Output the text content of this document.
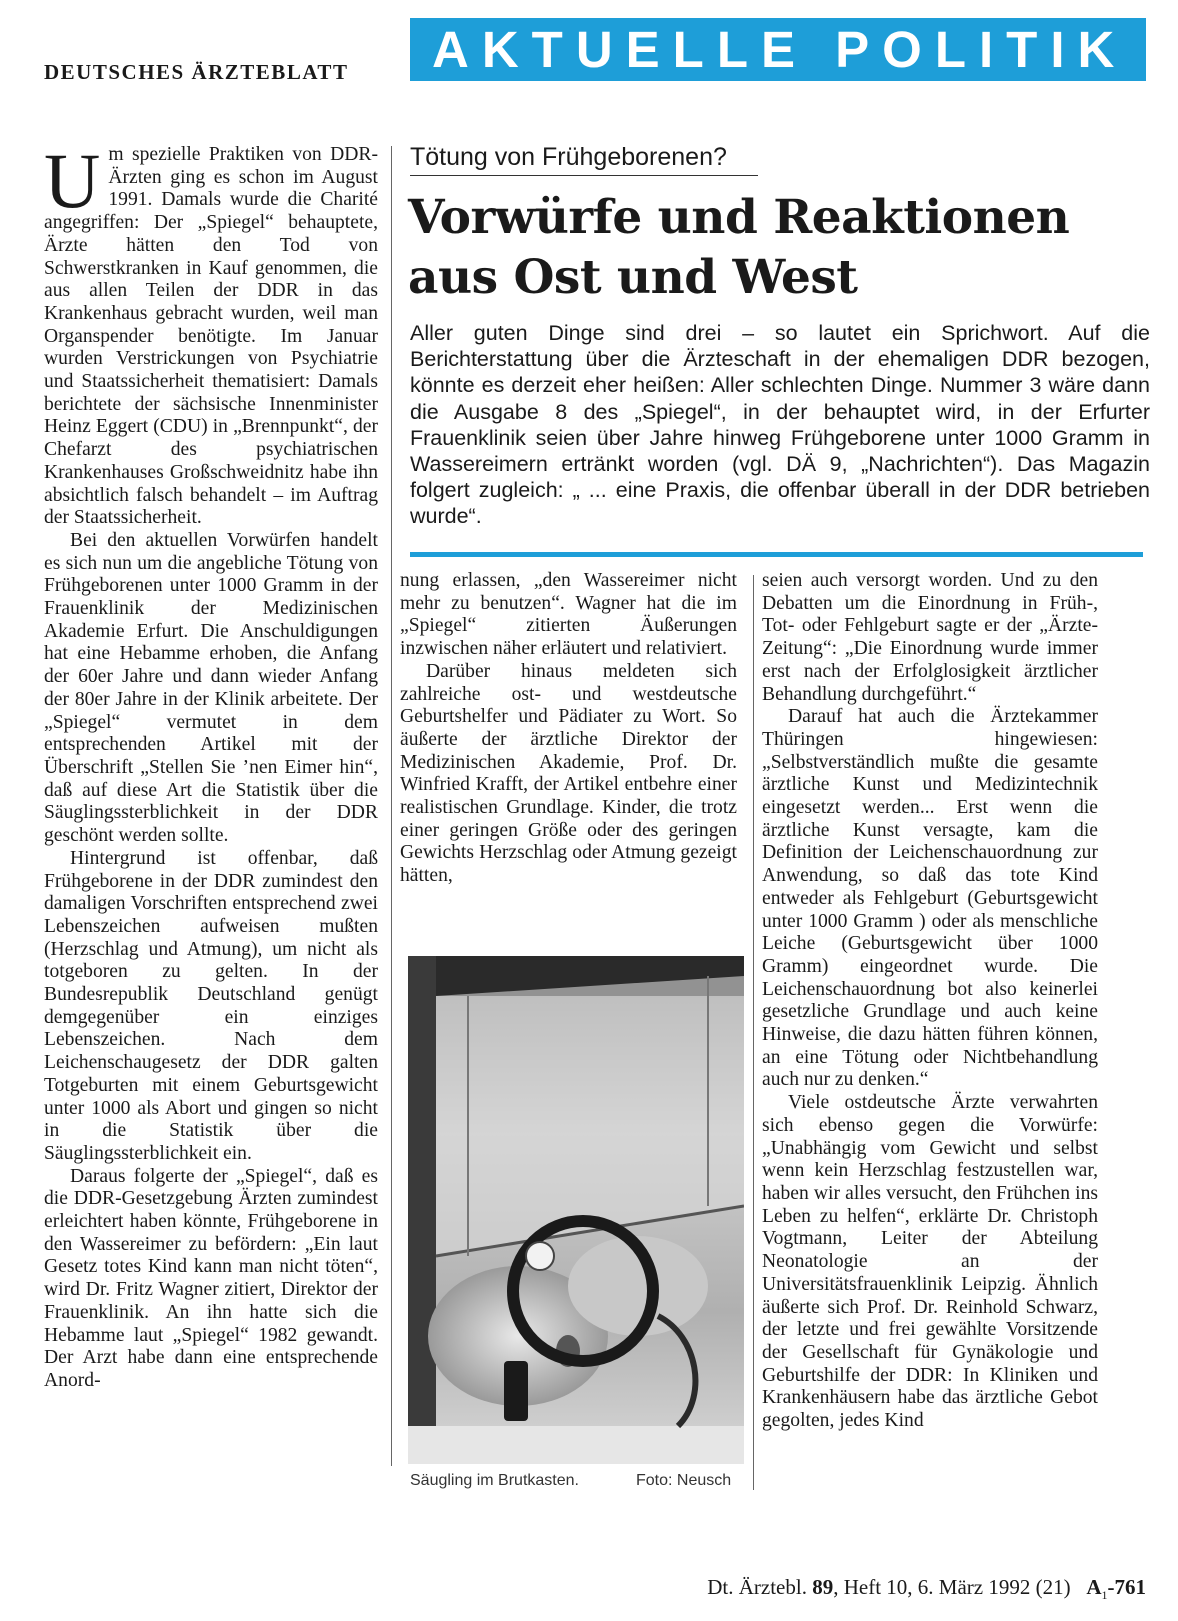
DEUTSCHES ÄRZTEBLATT AKTUELLE POLITIK

Um spezielle Praktiken von DDR-Ärzten ging es schon im August 1991. Damals wurde die Charité angegriffen: Der „Spiegel“ behauptete, Ärzte hätten den Tod von Schwerstkranken in Kauf genommen, die aus allen Teilen der DDR in das Krankenhaus gebracht wurden, weil man Organspender benötigte. Im Januar wurden Verstrickungen von Psychiatrie und Staatssicherheit thematisiert: Damals berichtete der sächsische Innenminister Heinz Eggert (CDU) in „Brennpunkt“, der Chefarzt des psychiatrischen Krankenhauses Großschweidnitz habe ihn absichtlich falsch behandelt – im Auftrag der Staatssicherheit.

Bei den aktuellen Vorwürfen handelt es sich nun um die angebliche Tötung von Frühgeborenen unter 1000 Gramm in der Frauenklinik der Medizinischen Akademie Erfurt. Die Anschuldigungen hat eine Hebamme erhoben, die Anfang der 60er Jahre und dann wieder Anfang der 80er Jahre in der Klinik arbeitete. Der „Spiegel“ vermutet in dem entsprechenden Artikel mit der Überschrift „Stellen Sie ’nen Eimer hin“, daß auf diese Art die Statistik über die Säuglingssterblichkeit in der DDR geschönt werden sollte.

Hintergrund ist offenbar, daß Frühgeborene in der DDR zumindest den damaligen Vorschriften entsprechend zwei Lebenszeichen aufweisen mußten (Herzschlag und Atmung), um nicht als totgeboren zu gelten. In der Bundesrepublik Deutschland genügt demgegenüber ein einziges Lebenszeichen. Nach dem Leichenschaugesetz der DDR galten Totgeburten mit einem Geburtsgewicht unter 1000 als Abort und gingen so nicht in die Statistik über die Säuglingssterblichkeit ein.

Daraus folgerte der „Spiegel“, daß es die DDR-Gesetzgebung Ärzten zumindest erleichtert haben könnte, Frühgeborene in den Wassereimer zu befördern: „Ein laut Gesetz totes Kind kann man nicht töten“, wird Dr. Fritz Wagner zitiert, Direktor der Frauenklinik. An ihn hatte sich die Hebamme laut „Spiegel“ 1982 gewandt. Der Arzt habe dann eine entsprechende Anord-

Tötung von Frühgeborenen?
Vorwürfe und Reaktionen
aus Ost und West
Aller guten Dinge sind drei – so lautet ein Sprichwort. Auf die Berichterstattung über die Ärzteschaft in der ehemaligen DDR bezogen, könnte es derzeit eher heißen: Aller schlechten Dinge. Nummer 3 wäre dann die Ausgabe 8 des „Spiegel“, in der behauptet wird, in der Erfurter Frauenklinik seien über Jahre hinweg Frühgeborene unter 1000 Gramm in Wassereimern ertränkt worden (vgl. DÄ 9, „Nachrichten“). Das Magazin folgert zugleich: „ ... eine Praxis, die offenbar überall in der DDR betrieben wurde“.

nung erlassen, „den Wassereimer nicht mehr zu benutzen“. Wagner hat die im „Spiegel“ zitierten Äußerungen inzwischen näher erläutert und relativiert.

Darüber hinaus meldeten sich zahlreiche ost- und westdeutsche Geburtshelfer und Pädiater zu Wort. So äußerte der ärztliche Direktor der Medizinischen Akademie, Prof. Dr. Winfried Krafft, der Artikel entbehre einer realistischen Grundlage. Kinder, die trotz einer geringen Größe oder des geringen Gewichts Herzschlag oder Atmung gezeigt hätten,

Säugling im Brutkasten.	Foto: Neusch

seien auch versorgt worden. Und zu den Debatten um die Einordnung in Früh-, Tot- oder Fehlgeburt sagte er der „Ärzte-Zeitung“: „Die Einordnung wurde immer erst nach der Erfolglosigkeit ärztlicher Behandlung durchgeführt.“

Darauf hat auch die Ärztekammer Thüringen hingewiesen: „Selbstverständlich mußte die gesamte ärztliche Kunst und Medizintechnik eingesetzt werden... Erst wenn die ärztliche Kunst versagte, kam die Definition der Leichenschauordnung zur Anwendung, so daß das tote Kind entweder als Fehlgeburt (Geburtsgewicht unter 1000 Gramm ) oder als menschliche Leiche (Geburtsgewicht über 1000 Gramm) eingeordnet wurde. Die Leichenschauordnung bot also keinerlei gesetzliche Grundlage und auch keine Hinweise, die dazu hätten führen können, an eine Tötung oder Nichtbehandlung auch nur zu denken.“

Viele ostdeutsche Ärzte verwahrten sich ebenso gegen die Vorwürfe: „Unabhängig vom Gewicht und selbst wenn kein Herzschlag festzustellen war, haben wir alles versucht, den Frühchen ins Leben zu helfen“, erklärte Dr. Christoph Vogtmann, Leiter der Abteilung Neonatologie an der Universitätsfrauenklinik Leipzig. Ähnlich äußerte sich Prof. Dr. Reinhold Schwarz, der letzte und frei gewählte Vorsitzende der Gesellschaft für Gynäkologie und Geburtshilfe der DDR: In Kliniken und Krankenhäusern habe das ärztliche Gebot gegolten, jedes Kind

Dt. Ärztebl. 89, Heft 10, 6. März 1992 (21) $A_1-761$
